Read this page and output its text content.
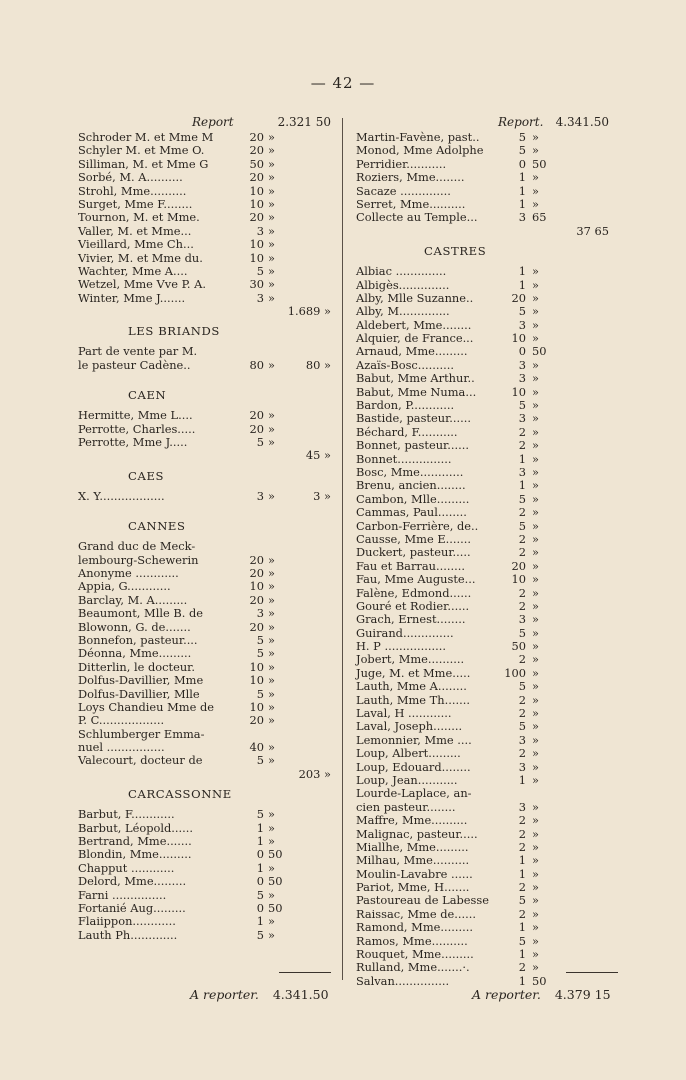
— 42 —
Report	2.321 50
Schroder M. et Mme M	20 »
Schyler M. et Mme O.	20 »
Silliman, M. et Mme G	50 »
Sorbé, M. A..........	20 »
Strohl, Mme..........	10 »
Surget, Mme F........	10 »
Tournon, M. et Mme.	20 »
Valler, M. et Mme...	3 »
Vieillard, Mme Ch...	10 »
Vivier, M. et Mme du.	10 »
Wachter, Mme A....	5 »
Wetzel, Mme Vve P. A.	30 »
Winter, Mme J.......	3 »
1.689 »
LES BRIANDS
Part de vente par M.
le pasteur Cadène..	80 »	80 »
CAEN
Hermitte, Mme L....	20 »
Perrotte, Charles.....	20 »
Perrotte, Mme J.....	5 »
45 »
CAES
X. Y..................	3 »	3 »
CANNES
Grand duc de Meck-
lembourg-Schewerin	20 »
Anonyme ............	20 »
Appia, G............	10 »
Barclay, M. A.........	20 »
Beaumont, Mlle B. de	3 »
Blowonn, G. de.......	20 »
Bonnefon, pasteur....	5 »
Déonna, Mme.........	5 »
Ditterlin, le docteur.	10 »
Dolfus-Davillier, Mme	10 »
Dolfus-Davillier, Mlle	5 »
Loys Chandieu Mme de	10 »
P. C..................	20 »
Schlumberger Emma-
nuel ................	40 »
Valecourt, docteur de	5 »
203 »
CARCASSONNE
Barbut, F............	5 »
Barbut, Léopold......	1 »
Bertrand, Mme.......	1 »
Blondin, Mme.........	0 50
Chapput ............	1 »
Delord, Mme.........	0 50
Farni ...............	5 »
Fortanié Aug.........	0 50
Flaiippon............	1 »
Lauth Ph.............	5 »
Report.	4.341.50
Martin-Favène, past..	5 »
Monod, Mme Adolphe	5 »
Perridier...........	0 50
Roziers, Mme........	1 »
Sacaze ..............	1 »
Serret, Mme..........	1 »
Collecte au Temple...	3 65
37 65
CASTRES
Albiac ..............	1 »
Albigès..............	1 »
Alby, Mlle Suzanne..	20 »
Alby, M..............	5 »
Aldebert, Mme........	3 »
Alquier, de France...	10 »
Arnaud, Mme.........	0 50
Azaïs-Bosc..........	3 »
Babut, Mme Arthur..	3 »
Babut, Mme Numa...	10 »
Bardon, P............	5 »
Bastide, pasteur......	3 »
Béchard, F...........	2 »
Bonnet, pasteur......	2 »
Bonnet...............	1 »
Bosc, Mme............	3 »
Brenu, ancien........	1 »
Cambon, Mlle.........	5 »
Cammas, Paul........	2 »
Carbon-Ferrière, de..	5 »
Causse, Mme E.......	2 »
Duckert, pasteur.....	2 »
Fau et Barrau........	20 »
Fau, Mme Auguste...	10 »
Falène, Edmond......	2 »
Gouré et Rodier......	2 »
Grach, Ernest........	3 »
Guirand..............	5 »
H. P .................	50 »
Jobert, Mme..........	2 »
Juge, M. et Mme.....	100 »
Lauth, Mme A........	5 »
Lauth, Mme Th.......	2 »
Laval, H ............	2 »
Laval, Joseph........	5 »
Lemonnier, Mme ....	3 »
Loup, Albert.........	2 »
Loup, Edouard........	3 »
Loup, Jean...........	1 »
Lourde-Laplace, an-
cien pasteur........	3 »
Maffre, Mme..........	2 »
Malignac, pasteur.....	2 »
Miallhe, Mme.........	2 »
Milhau, Mme..........	1 »
Moulin-Lavabre ......	1 »
Pariot, Mme, H.......	2 »
Pastoureau de Labesse	5 »
Raissac, Mme de......	2 »
Ramond, Mme.........	1 »
Ramos, Mme..........	5 »
Rouquet, Mme.........	1 »
Rulland, Mme.......·.	2 »
Salvan...............	1 50
A reporter. 4.341.50	A reporter. 4.379 15
